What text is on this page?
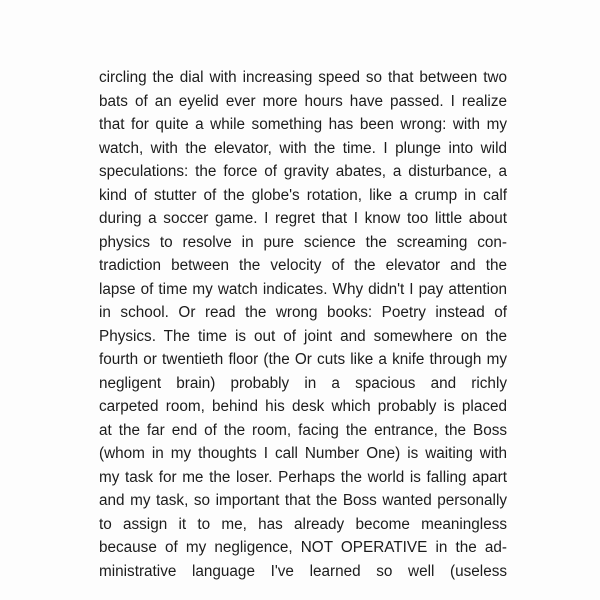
circling the dial with increasing speed so that between two
bats of an eyelid ever more hours have passed. I realize
that for quite a while something has been wrong: with my
watch, with the elevator, with the time. I plunge into wild
speculations: the force of gravity abates, a disturbance, a
kind of stutter of the globe's rotation, like a crump in calf
during a soccer game. I regret that I know too little about
physics to resolve in pure science the screaming con-
tradiction between the velocity of the elevator and the
lapse of time my watch indicates. Why didn't I pay attention
in school. Or read the wrong books: Poetry instead of
Physics. The time is out of joint and somewhere on the
fourth or twentieth floor (the Or cuts like a knife through my
negligent brain) probably in a spacious and richly
carpeted room, behind his desk which probably is placed
at the far end of the room, facing the entrance, the Boss
(whom in my thoughts I call Number One) is waiting with
my task for me the loser. Perhaps the world is falling apart
and my task, so important that the Boss wanted personally
to assign it to me, has already become meaningless
because of my negligence, NOT OPERATIVE in the ad-
ministrative language I've learned so well (useless
